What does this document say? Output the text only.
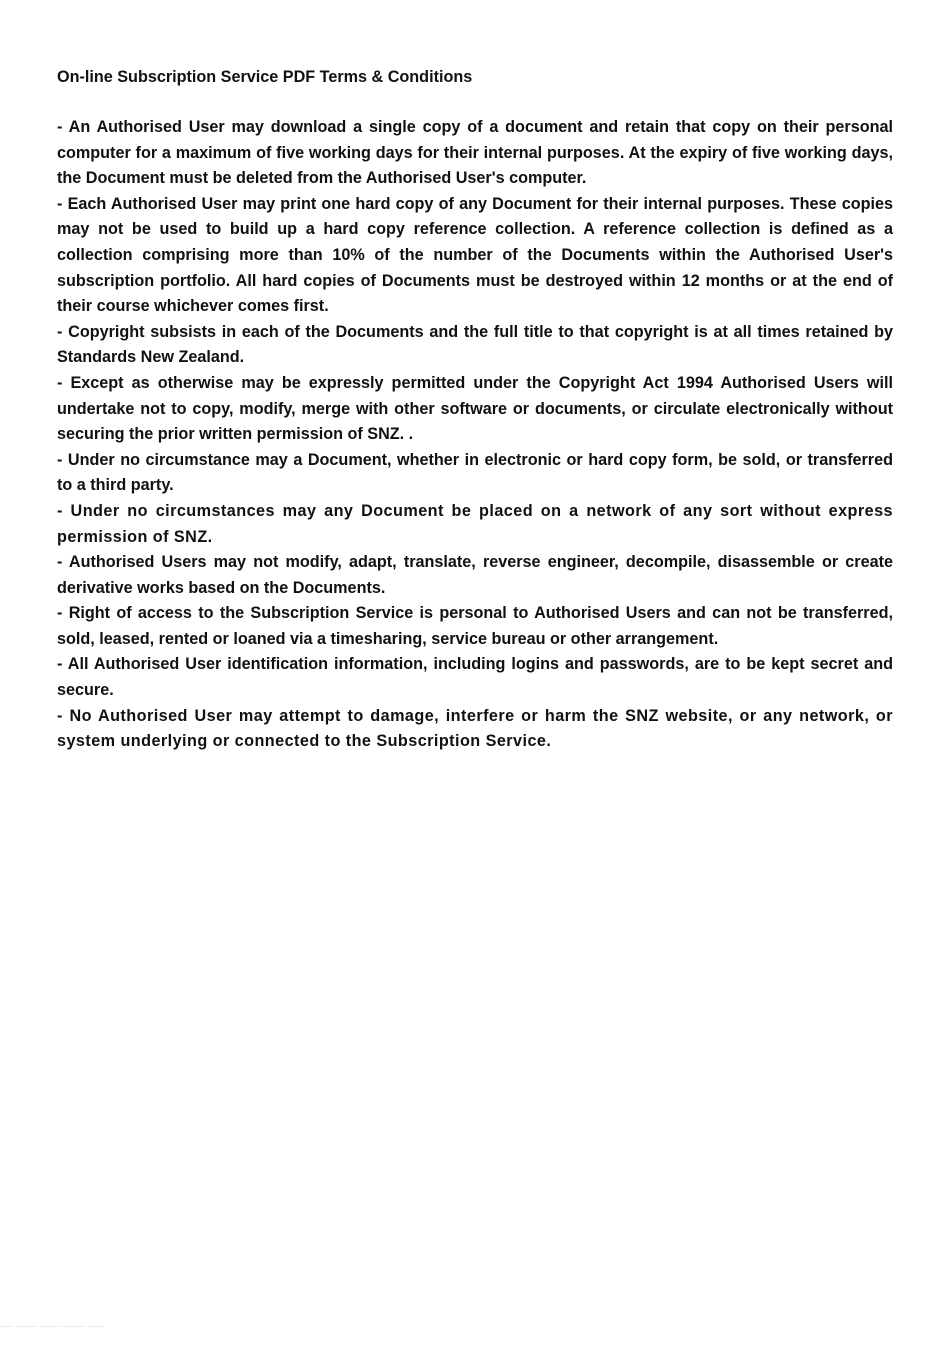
On-line Subscription Service PDF Terms & Conditions
- An Authorised User may download a single copy of a document and retain that copy on their personal computer for a maximum of five working days for their internal purposes. At the expiry of five working days, the Document must be deleted from the Authorised User's computer.
- Each Authorised User may print one hard copy of any Document for their internal purposes. These copies may not be used to build up a hard copy reference collection. A reference collection is defined as a collection comprising more than 10% of the number of the Documents within the Authorised User's subscription portfolio. All hard copies of Documents must be destroyed within 12 months or at the end of their course whichever comes first.
- Copyright subsists in each of the Documents and the full title to that copyright is at all times retained by Standards New Zealand.
- Except as otherwise may be expressly permitted under the Copyright Act 1994 Authorised Users will undertake not to copy, modify, merge with other software or documents, or circulate electronically without securing the prior written permission of SNZ. .
- Under no circumstance may a Document, whether in electronic or hard copy form, be sold, or transferred to a third party.
- Under no circumstances may any Document be placed on a network of any sort without express permission of SNZ.
- Authorised Users may not modify, adapt, translate, reverse engineer, decompile, disassemble or create derivative works based on the Documents.
- Right of access to the Subscription Service is personal to Authorised Users and can not be transferred, sold, leased, rented or loaned via a timesharing, service bureau or other arrangement.
- All Authorised User identification information, including logins and passwords, are to be kept secret and secure.
- No Authorised User may attempt to damage, interfere or harm the SNZ website, or any network, or system underlying or connected to the Subscription Service.
